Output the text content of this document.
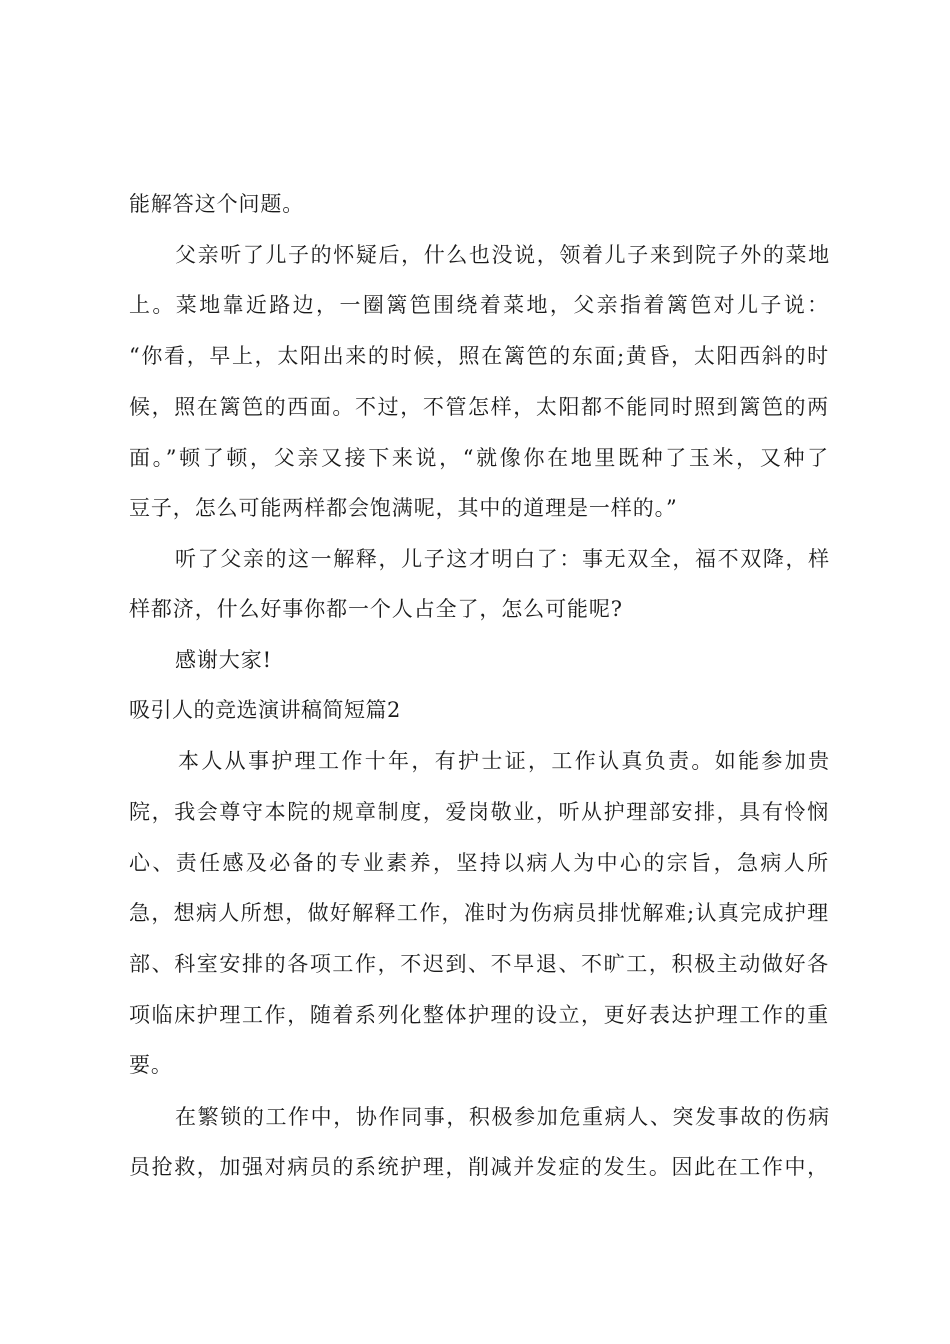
能解答这个问题。
父亲听了儿子的怀疑后，什么也没说，领着儿子来到院子外的菜地
上。菜地靠近路边，一圈篱笆围绕着菜地，父亲指着篱笆对儿子说：
“你看，早上，太阳出来的时候，照在篱笆的东面;黄昏，太阳西斜的时
候，照在篱笆的西面。不过，不管怎样，太阳都不能同时照到篱笆的两
面。”顿了顿，父亲又接下来说，“就像你在地里既种了玉米，又种了
豆子，怎么可能两样都会饱满呢，其中的道理是一样的。”
听了父亲的这一解释，儿子这才明白了：事无双全，福不双降，样
样都济，什么好事你都一个人占全了，怎么可能呢?
感谢大家!
吸引人的竞选演讲稿简短篇2
本人从事护理工作十年，有护士证，工作认真负责。如能参加贵
院，我会尊守本院的规章制度，爱岗敬业，听从护理部安排，具有怜悯
心、责任感及必备的专业素养，坚持以病人为中心的宗旨，急病人所
急，想病人所想，做好解释工作，准时为伤病员排忧解难;认真完成护理
部、科室安排的各项工作，不迟到、不早退、不旷工，积极主动做好各
项临床护理工作，随着系列化整体护理的设立，更好表达护理工作的重
要。
在繁锁的工作中，协作同事，积极参加危重病人、突发事故的伤病
员抢救，加强对病员的系统护理，削减并发症的发生。因此在工作中，
